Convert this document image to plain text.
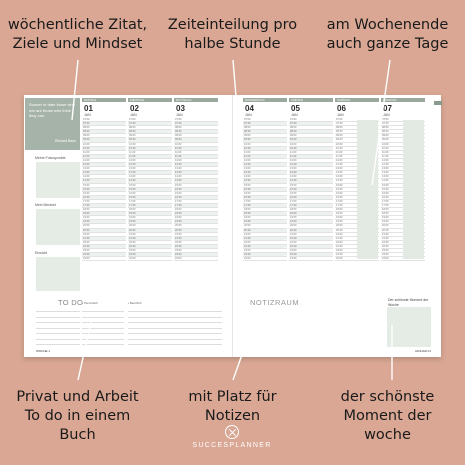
wöchentliche Zitat,
Ziele und Mindset
Zeiteinteilung pro
halbe Stunde
am Wochenende
auch ganze Tage
Privat und Arbeit
To do in einem
Buch
mit Platz für
Notizen
der schönste
Moment der
woche
Sooner or later those who win are those who think they can.
Richard Bach
Meine Fokuspunkte
Mein Mindset
Einsicht
MONTAG
01
JAN
07:00
07:30
08:00
08:30
09:00
09:30
10:00
10:30
11:00
11:30
12:00
12:30
13:00
13:30
14:00
14:30
15:00
15:30
16:00
16:30
17:00
17:30
18:00
18:30
19:00
19:30
20:00
20:30
21:00
21:30
22:00
22:30
23:00
23:30
24:00
DIENSTAG
02
JAN
07:00
07:30
08:00
08:30
09:00
09:30
10:00
10:30
11:00
11:30
12:00
12:30
13:00
13:30
14:00
14:30
15:00
15:30
16:00
16:30
17:00
17:30
18:00
18:30
19:00
19:30
20:00
20:30
21:00
21:30
22:00
22:30
23:00
23:30
24:00
MITTWOCH
03
JAN
07:00
07:30
08:00
08:30
09:00
09:30
10:00
10:30
11:00
11:30
12:00
12:30
13:00
13:30
14:00
14:30
15:00
15:30
16:00
16:30
17:00
17:30
18:00
18:30
19:00
19:30
20:00
20:30
21:00
21:30
22:00
22:30
23:00
23:30
24:00
DONNERSTAG
04
JAN
07:00
07:30
08:00
08:30
09:00
09:30
10:00
10:30
11:00
11:30
12:00
12:30
13:00
13:30
14:00
14:30
15:00
15:30
16:00
16:30
17:00
17:30
18:00
18:30
19:00
19:30
20:00
20:30
21:00
21:30
22:00
22:30
23:00
23:30
24:00
FREITAG
05
JAN
07:00
07:30
08:00
08:30
09:00
09:30
10:00
10:30
11:00
11:30
12:00
12:30
13:00
13:30
14:00
14:30
15:00
15:30
16:00
16:30
17:00
17:30
18:00
18:30
19:00
19:30
20:00
20:30
21:00
21:30
22:00
22:30
23:00
23:30
24:00
SAMSTAG
06
JAN
07:00
07:30
08:00
08:30
09:00
09:30
10:00
10:30
11:00
11:30
12:00
12:30
13:00
13:30
14:00
14:30
15:00
15:30
16:00
16:30
17:00
17:30
18:00
18:30
19:00
19:30
20:00
20:30
21:00
21:30
22:00
22:30
23:00
23:30
24:00
SONNTAG
07
JAN
07:00
07:30
08:00
08:30
09:00
09:30
10:00
10:30
11:00
11:30
12:00
12:30
13:00
13:30
14:00
14:30
15:00
15:30
16:00
16:30
17:00
17:30
18:00
18:30
19:00
19:30
20:00
20:30
21:00
21:30
22:00
22:30
23:00
23:30
24:00
TO DO
• Persönlich	• Beruflich	NOTIZRAUM	Der schönste Moment der Woche
WOCHE 1	JANUAR 01
SUCCESPLANNER
